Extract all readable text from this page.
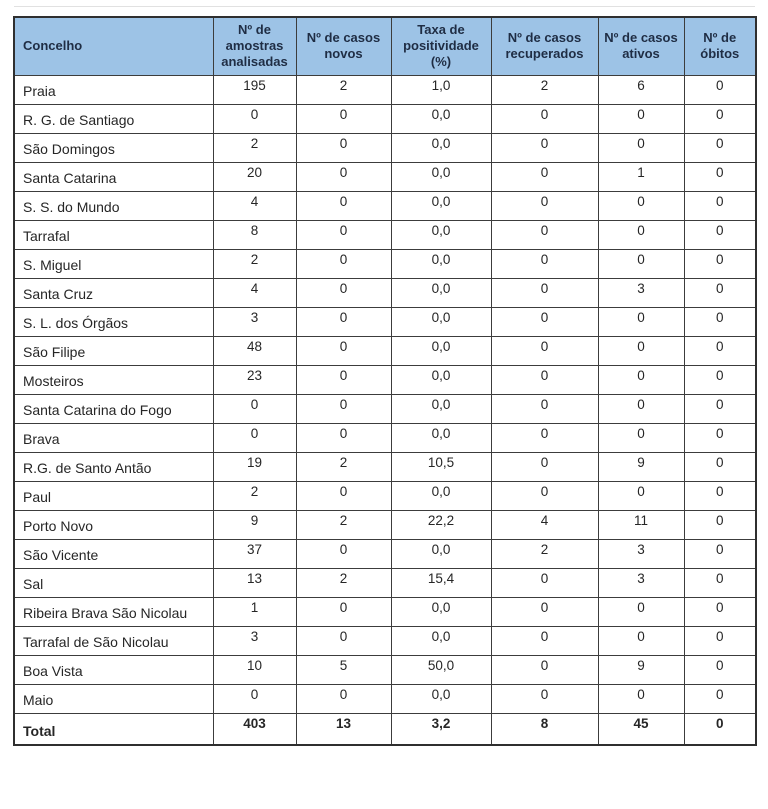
Concelho	Nº de amostras analisadas	Nº de casos novos	Taxa de positividade (%)	Nº de casos recuperados	Nº de casos ativos	Nº de óbitos
Praia	195	2	1,0	2	6	0
R. G. de Santiago	0	0	0,0	0	0	0
São Domingos	2	0	0,0	0	0	0
Santa Catarina	20	0	0,0	0	1	0
S. S. do Mundo	4	0	0,0	0	0	0
Tarrafal	8	0	0,0	0	0	0
S. Miguel	2	0	0,0	0	0	0
Santa Cruz	4	0	0,0	0	3	0
S. L. dos Órgãos	3	0	0,0	0	0	0
São Filipe	48	0	0,0	0	0	0
Mosteiros	23	0	0,0	0	0	0
Santa Catarina do Fogo	0	0	0,0	0	0	0
Brava	0	0	0,0	0	0	0
R.G. de Santo Antão	19	2	10,5	0	9	0
Paul	2	0	0,0	0	0	0
Porto Novo	9	2	22,2	4	11	0
São Vicente	37	0	0,0	2	3	0
Sal	13	2	15,4	0	3	0
Ribeira Brava São Nicolau	1	0	0,0	0	0	0
Tarrafal de São Nicolau	3	0	0,0	0	0	0
Boa Vista	10	5	50,0	0	9	0
Maio	0	0	0,0	0	0	0
Total	403	13	3,2	8	45	0
